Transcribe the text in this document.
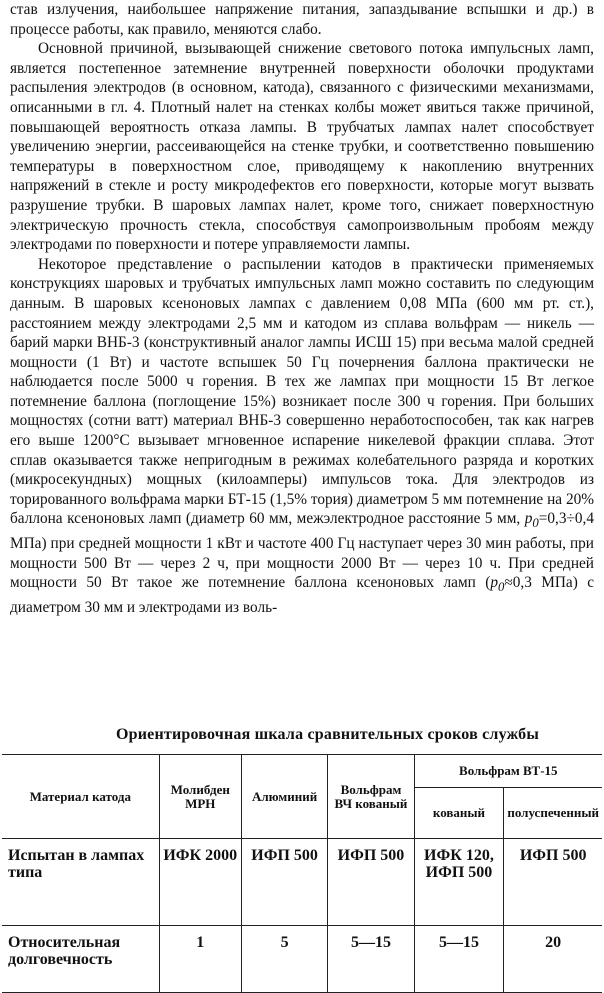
став излучения, наибольшее напряжение питания, запаздывание вспышки и др.) в процессе работы, как правило, меняются слабо.

Основной причиной, вызывающей снижение светового потока импульсных ламп, является постепенное затемнение внутренней поверхности оболочки продуктами распыления электродов (в основном, катода), связанного с физическими механизмами, описанными в гл. 4. Плотный налет на стенках колбы может явиться также причиной, повышающей вероятность отказа лампы. В трубчатых лампах налет способствует увеличению энергии, рассеивающейся на стенке трубки, и соответственно повышению температуры в поверхностном слое, приводящему к накоплению внутренних напряжений в стекле и росту микродефектов его поверхности, которые могут вызвать разрушение трубки. В шаровых лампах налет, кроме того, снижает поверхностную электрическую прочность стекла, способствуя самопроизвольным пробоям между электродами по поверхности и потере управляемости лампы.

Некоторое представление о распылении катодов в практически применяемых конструкциях шаровых и трубчатых импульсных ламп можно составить по следующим данным. В шаровых ксеноновых лампах с давлением 0,08 МПа (600 мм рт. ст.), расстоянием между электродами 2,5 мм и катодом из сплава вольфрам — никель — барий марки ВНБ-3 (конструктивный аналог лампы ИСШ 15) при весьма малой средней мощности (1 Вт) и частоте вспышек 50 Гц почернения баллона практически не наблюдается после 5000 ч горения. В тех же лампах при мощности 15 Вт легкое потемнение баллона (поглощение 15%) возникает после 300 ч горения. При больших мощностях (сотни ватт) материал ВНБ-3 совершенно неработоспособен, так как нагрев его выше 1200°С вызывает мгновенное испарение никелевой фракции сплава. Этот сплав оказывается также непригодным в режимах колебательного разряда и коротких (микросекундных) мощных (килоамперы) импульсов тока. Для электродов из торированного вольфрама марки БТ-15 (1,5% тория) диаметром 5 мм потемнение на 20% баллона ксеноновых ламп (диаметр 60 мм, межэлектродное расстояние 5 мм, $p_0=0,3\div 0,4$ МПа) при средней мощности 1 кВт и частоте 400 Гц наступает через 30 мин работы, при мощности 500 Вт — через 2 ч, при мощности 2000 Вт — через 10 ч. При средней мощности 50 Вт такое же потемнение баллона ксеноновых ламп ($p_0\approx 0,3$ МПа) с диаметром 30 мм и электродами из воль-

Ориентировочная шкала сравнительных сроков службы
Материал катода	Молибден МРН	Алюминий	Вольфрам ВЧ кованый	Вольфрам ВТ-15	
				кованый	полуспеченный
Испытан в лампах типа	ИФК 2000	ИФП 500	ИФП 500	ИФК 120, ИФП 500	ИФП 500
Относительная долговечность	1	5	5—15	5—15	20
